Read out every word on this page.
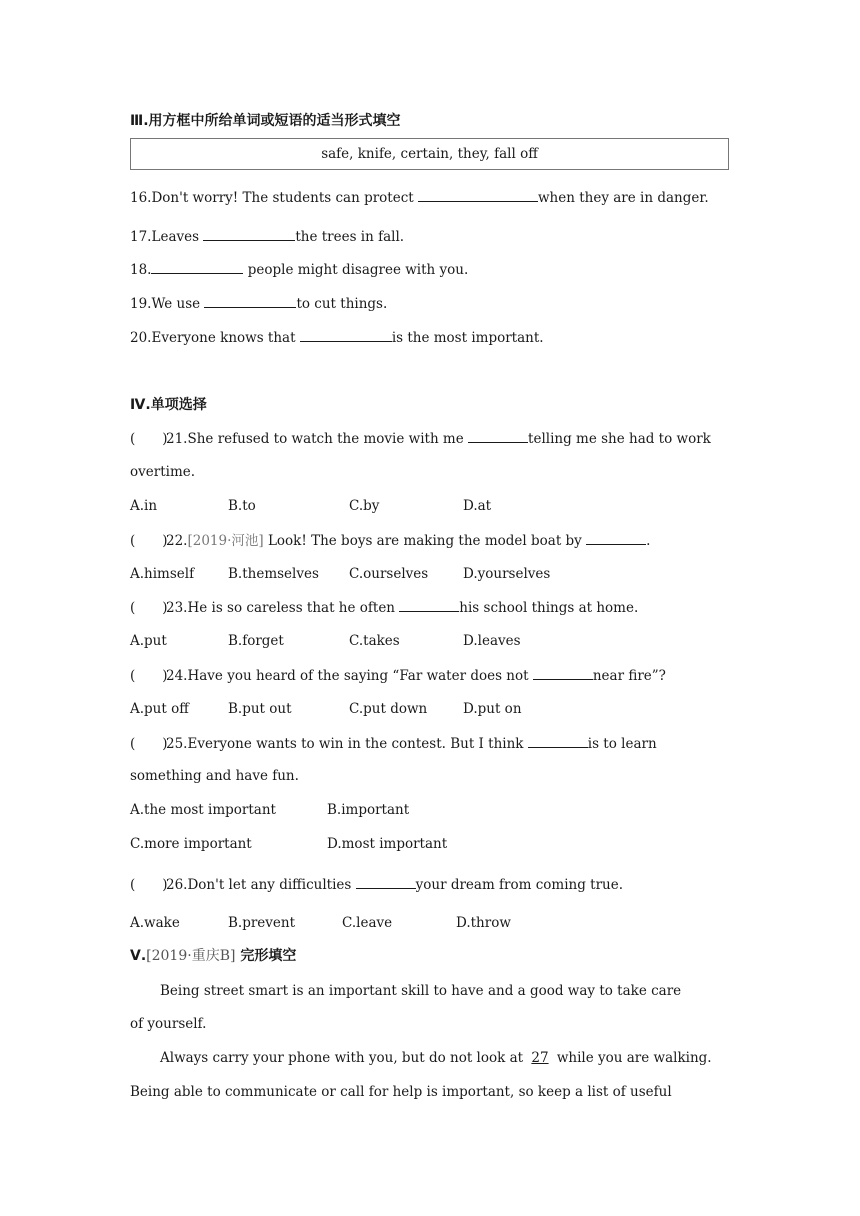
Ⅲ.用方框中所给单词或短语的适当形式填空
safe, knife, certain, they, fall off
16.Don't worry! The students can protect	when they are in danger.
17.Leaves	the trees in fall.
18.	people might disagree with you.
19.We use	to cut things.
20.Everyone knows that	is the most important.
Ⅳ.单项选择
(　　)21.She refused to watch the movie with me	telling me she had to work
overtime.
A.in	B.to	C.by	D.at
(　　)22.[2019·河池] Look! The boys are making the model boat by	.
A.himself	B.themselves C.ourselves	D.yourselves
(　　)23.He is so careless that he often	his school things at home.
A.put	B.forget	C.takes	D.leaves
(　　)24.Have you heard of the saying “Far water does not	near fire”?
A.put off	B.put out	C.put down	D.put on
(　　)25.Everyone wants to win in the contest. But I think	is to learn
something and have fun.
A.the most important	B.important
C.more important	D.most important
(　　)26.Don't let any difficulties	your dream from coming true.
A.wake	B.prevent	C.leave	D.throw
Ⅴ.[2019·重庆B] 完形填空
Being street smart is an important skill to have and a good way to take care
of yourself.
Always carry your phone with you, but do not look at 27 while you are walking.
Being able to communicate or call for help is important, so keep a list of useful
